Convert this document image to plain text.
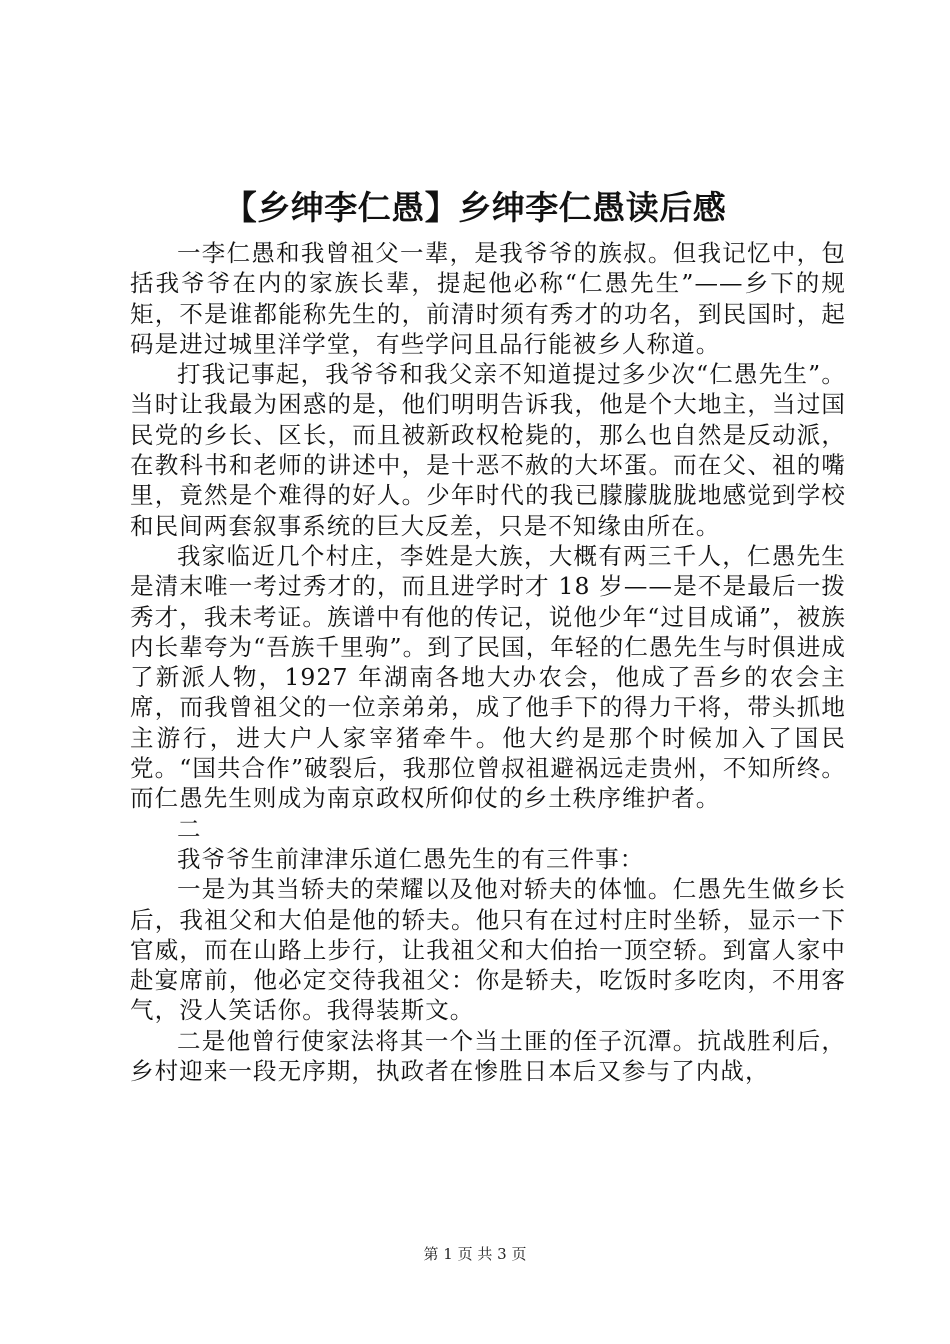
【乡绅李仁愚】乡绅李仁愚读后感

一李仁愚和我曾祖父一辈，是我爷爷的族叔。但我记忆中，包括我爷爷在内的家族长辈，提起他必称“仁愚先生”——乡下的规矩，不是谁都能称先生的，前清时须有秀才的功名，到民国时，起码是进过城里洋学堂，有些学问且品行能被乡人称道。

打我记事起，我爷爷和我父亲不知道提过多少次“仁愚先生”。当时让我最为困惑的是，他们明明告诉我，他是个大地主，当过国民党的乡长、区长，而且被新政权枪毙的，那么也自然是反动派，在教科书和老师的讲述中，是十恶不赦的大坏蛋。而在父、祖的嘴里，竟然是个难得的好人。少年时代的我已朦朦胧胧地感觉到学校和民间两套叙事系统的巨大反差，只是不知缘由所在。

我家临近几个村庄，李姓是大族，大概有两三千人，仁愚先生是清末唯一考过秀才的，而且进学时才 18 岁——是不是最后一拨秀才，我未考证。族谱中有他的传记，说他少年“过目成诵”，被族内长辈夸为“吾族千里驹”。到了民国，年轻的仁愚先生与时俱进成了新派人物，1927 年湖南各地大办农会，他成了吾乡的农会主席，而我曾祖父的一位亲弟弟，成了他手下的得力干将，带头抓地主游行，进大户人家宰猪牵牛。他大约是那个时候加入了国民党。“国共合作”破裂后，我那位曾叔祖避祸远走贵州，不知所终。而仁愚先生则成为南京政权所仰仗的乡土秩序维护者。

二

我爷爷生前津津乐道仁愚先生的有三件事：

一是为其当轿夫的荣耀以及他对轿夫的体恤。仁愚先生做乡长后，我祖父和大伯是他的轿夫。他只有在过村庄时坐轿，显示一下官威，而在山路上步行，让我祖父和大伯抬一顶空轿。到富人家中赴宴席前，他必定交待我祖父：你是轿夫，吃饭时多吃肉，不用客气，没人笑话你。我得装斯文。

二是他曾行使家法将其一个当土匪的侄子沉潭。抗战胜利后，乡村迎来一段无序期，执政者在惨胜日本后又参与了内战，

第 1 页 共 3 页
